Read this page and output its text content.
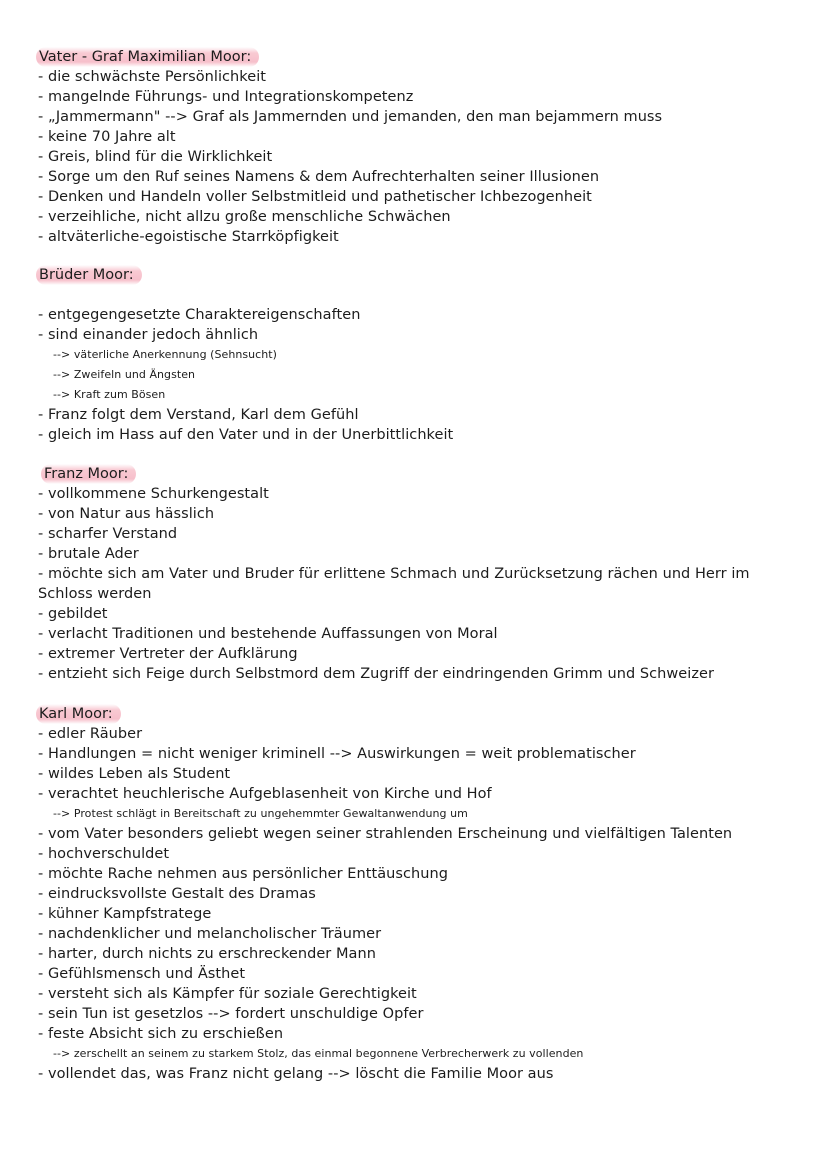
Vater - Graf Maximilian Moor:
- die schwächste Persönlichkeit
- mangelnde Führungs- und Integrationskompetenz
- „Jammermann" --> Graf als Jammernden und jemanden, den man bejammern muss
- keine 70 Jahre alt
- Greis, blind für die Wirklichkeit
- Sorge um den Ruf seines Namens & dem Aufrechterhalten seiner Illusionen
- Denken und Handeln voller Selbstmitleid und pathetischer Ichbezogenheit
- verzeihliche, nicht allzu große menschliche Schwächen
- altväterliche-egoistische Starrköpfigkeit
Brüder Moor:
- entgegengesetzte Charaktereigenschaften
- sind einander jedoch ähnlich
--> väterliche Anerkennung (Sehnsucht)
--> Zweifeln und Ängsten
--> Kraft zum Bösen
- Franz folgt dem Verstand, Karl dem Gefühl
- gleich im Hass auf den Vater und in der Unerbittlichkeit
Franz Moor:
- vollkommene Schurkengestalt
- von Natur aus hässlich
- scharfer Verstand
- brutale Ader
- möchte sich am Vater und Bruder für erlittene Schmach und Zurücksetzung rächen und Herr im Schloss werden
- gebildet
- verlacht Traditionen und bestehende Auffassungen von Moral
- extremer Vertreter der Aufklärung
- entzieht sich Feige durch Selbstmord dem Zugriff der eindringenden Grimm und Schweizer
Karl Moor:
- edler Räuber
- Handlungen = nicht weniger kriminell --> Auswirkungen = weit problematischer
- wildes Leben als Student
- verachtet heuchlerische Aufgeblasenheit von Kirche und Hof
--> Protest schlägt in Bereitschaft zu ungehemmter Gewaltanwendung um
- vom Vater besonders geliebt wegen seiner strahlenden Erscheinung und vielfältigen Talenten
- hochverschuldet
- möchte Rache nehmen aus persönlicher Enttäuschung
- eindrucksvollste Gestalt des Dramas
- kühner Kampfstratege
- nachdenklicher und melancholischer Träumer
- harter, durch nichts zu erschreckender Mann
- Gefühlsmensch und Ästhet
- versteht sich als Kämpfer für soziale Gerechtigkeit
- sein Tun ist gesetzlos --> fordert unschuldige Opfer
- feste Absicht sich zu erschießen
--> zerschellt an seinem zu starkem Stolz, das einmal begonnene Verbrecherwerk zu vollenden
- vollendet das, was Franz nicht gelang --> löscht die Familie Moor aus
